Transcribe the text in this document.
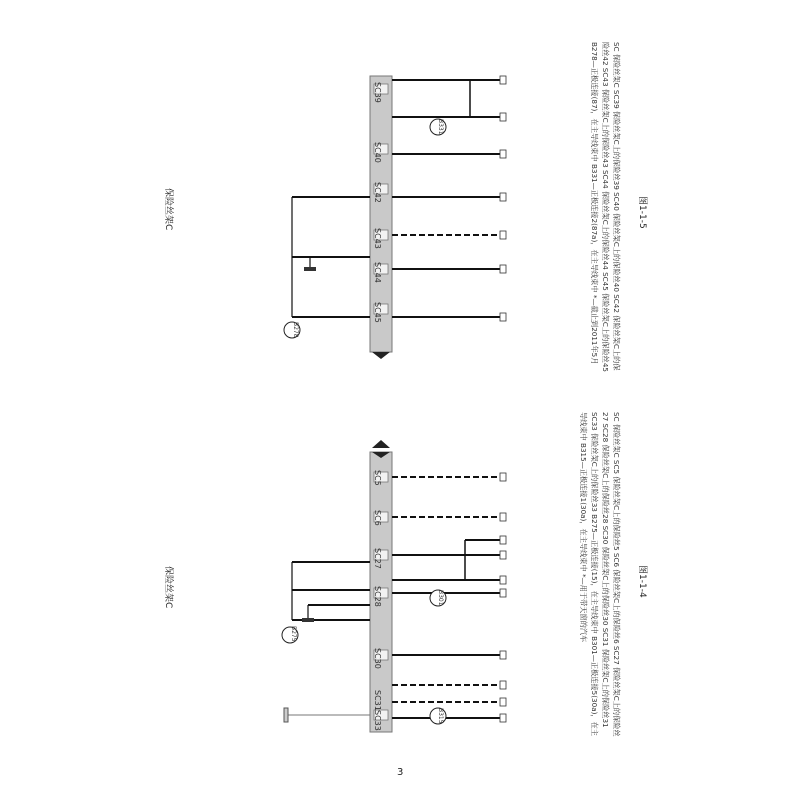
保险丝架C
保险丝架C
SC5
SC6
SC27
SC28
SC30
SC31
SC33
SC39
SC40
SC42
SC43
SC44
SC45
B275
B301
B315
B278
B331
SC 保险丝架C SC5 保险丝架C上的保险丝5 SC6 保险丝架C上的保险丝6 SC27 保险丝架C上的保险丝27 SC28 保险丝架C上的保险丝28 SC30 保险丝架C上的保险丝30 SC31 保险丝架C上的保险丝31 SC33 保险丝架C上的保险丝33 B275—正极连接(15)，在主导线束中 B301—正极连接5(30a)，在主导线束中 B315—正极连接1(30a)，在主导线束中 *—用于带天窗的汽车
SC 保险丝架C SC39 保险丝架C上的保险丝39 SC40 保险丝架C上的保险丝40 SC42 保险丝架C上的保险丝42 SC43 保险丝架C上的保险丝43 SC44 保险丝架C上的保险丝44 SC45 保险丝架C上的保险丝45 B278—正极连接(87)，在主导线束中 B331—正极连接2(87a)，在主导线束中 *—截止到2011年5月
图1-1-4
图1-1-5
3
